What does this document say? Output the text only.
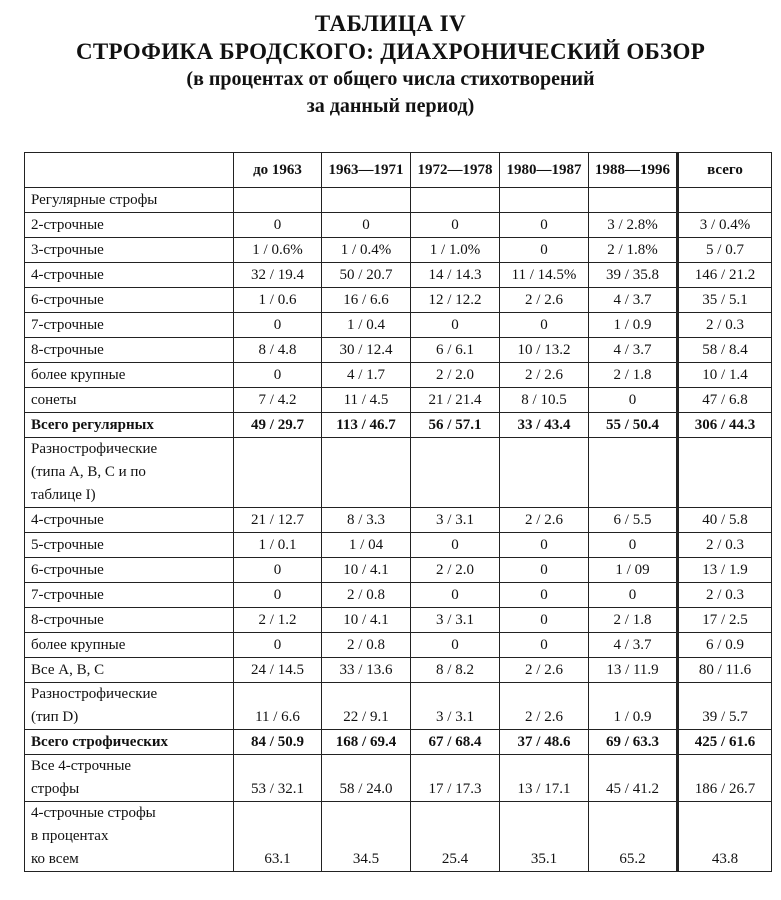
ТАБЛИЦА IV
СТРОФИКА БРОДСКОГО: ДИАХРОНИЧЕСКИЙ ОБЗОР
(в процентах от общего числа стихотворений
за данный период)
	до 1963	1963—1971	1972—1978	1980—1987	1988—1996	всего
Регулярные строфы						
2-строчные	0	0	0	0	3 / 2.8%	3 / 0.4%
3-строчные	1 / 0.6%	1 / 0.4%	1 / 1.0%	0	2 / 1.8%	5 / 0.7
4-строчные	32 / 19.4	50 / 20.7	14 / 14.3	11 / 14.5%	39 / 35.8	146 / 21.2
6-строчные	1 / 0.6	16 / 6.6	12 / 12.2	2 / 2.6	4 / 3.7	35 / 5.1
7-строчные	0	1 / 0.4	0	0	1 / 0.9	2 / 0.3
8-строчные	8 / 4.8	30 / 12.4	6 / 6.1	10 / 13.2	4 / 3.7	58 / 8.4
более крупные	0	4 / 1.7	2 / 2.0	2 / 2.6	2 / 1.8	10 / 1.4
сонеты	7 / 4.2	11 / 4.5	21 / 21.4	8 / 10.5	0	47 / 6.8
Всего регулярных	49 / 29.7	113 / 46.7	56 / 57.1	33 / 43.4	55 / 50.4	306 / 44.3

Разнострофические
(типа A, B, C и по
таблице I)						

4-строчные	21 / 12.7	8 / 3.3	3 / 3.1	2 / 2.6	6 / 5.5	40 / 5.8
5-строчные	1 / 0.1	1 / 04	0	0	0	2 / 0.3
6-строчные	0	10 / 4.1	2 / 2.0	0	1 / 09	13 / 1.9
7-строчные	0	2 / 0.8	0	0	0	2 / 0.3
8-строчные	2 / 1.2	10 / 4.1	3 / 3.1	0	2 / 1.8	17 / 2.5
более крупные	0	2 / 0.8	0	0	4 / 3.7	6 / 0.9
Все A, B, C	24 / 14.5	33 / 13.6	8 / 8.2	2 / 2.6	13 / 11.9	80 / 11.6

Разнострофические
(тип D)	11 / 6.6	22 / 9.1	3 / 3.1	2 / 2.6	1 / 0.9	39 / 5.7
Всего строфических	84 / 50.9	168 / 69.4	67 / 68.4	37 / 48.6	69 / 63.3	425 / 61.6

Все 4-строчные
строфы	53 / 32.1	58 / 24.0	17 / 17.3	13 / 17.1	45 / 41.2	186 / 26.7

4-строчные строфы
в процентах
ко всем	63.1	34.5	25.4	35.1	65.2	43.8
